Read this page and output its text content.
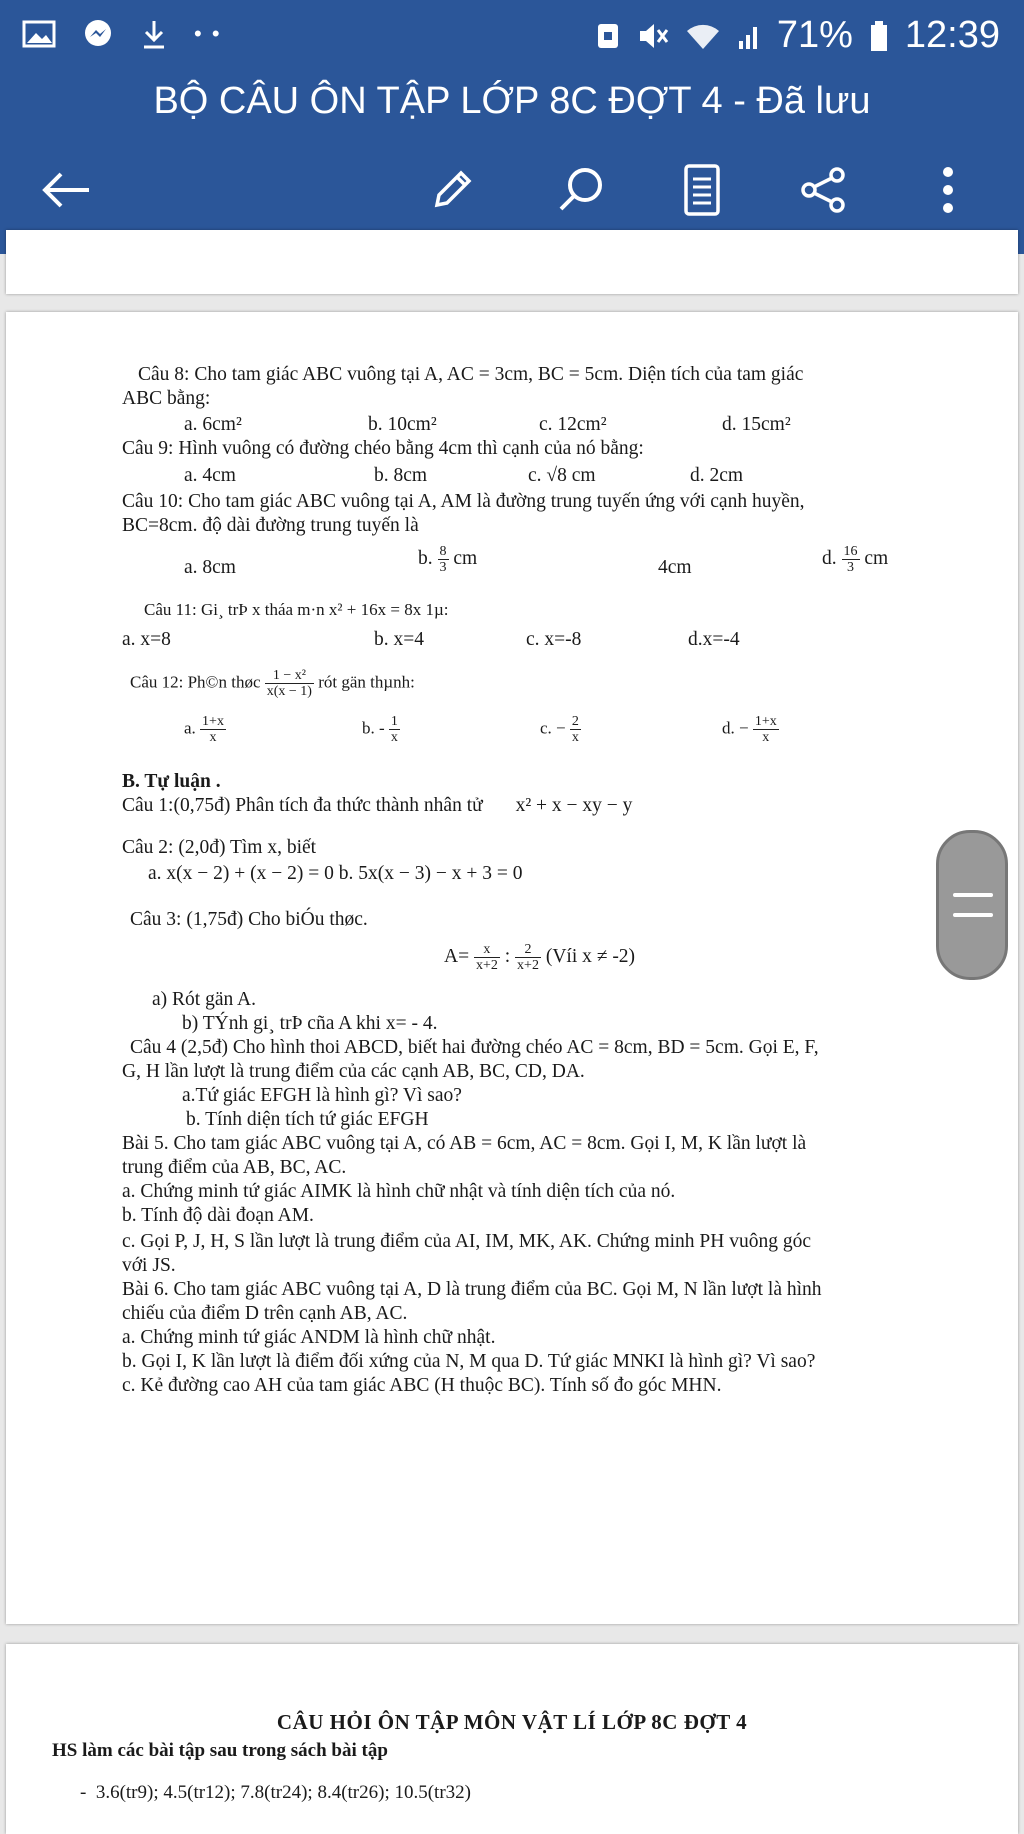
• •	71% 12:39
BỘ CÂU ÔN TẬP LỚP 8C ĐỢT 4 - Đã lưu
Câu 8: Cho tam giác ABC vuông tại A, AC = 3cm, BC = 5cm. Diện tích của tam giác
ABC bằng:
a. 6cm²	b. 10cm²	c. 12cm²	d. 15cm²
Câu 9: Hình vuông có đường chéo bằng 4cm thì cạnh của nó bằng:
a. 4cm	b. 8cm	c. √8 cm	d. 2cm
Câu 10: Cho tam giác ABC vuông tại A, AM là đường trung tuyến ứng với cạnh huyền,
BC=8cm. độ dài đường trung tuyến là
a. 8cm	b. $\frac{8}{3}$ cm	4cm	d. $\frac{16}{3}$ cm
Câu 11: Gi¸ trÞ x tháa m·n x² + 16x = 8x 1µ:
a. x=8	b. x=4	c. x=-8	d.x=-4
Câu 12: Ph©n thøc $\frac{\text{1 − x²}}{x(x - 1)}$ rót gän thµnh:
a. $\frac{1+x}{x}$	b. - $\frac{1}{x}$	c. − $\frac{2}{x}$	d. − $\frac{1+x}{x}$
B. Tự luận .
Câu 1:(0,75đ) Phân tích đa thức thành nhân tử x² + x − xy − y
Câu 2: (2,0đ) Tìm x, biết
a. x(x − 2) + (x − 2) = 0 b. 5x(x − 3) − x + 3 = 0
Câu 3: (1,75đ) Cho biÓu thøc.
$A= \frac{x}{x+2}$ : $\frac{2}{x+2}$ (Víi x ≠ -2)
a) Rót gän A.
b) TÝnh gi¸ trÞ cña A khi x= - 4.
Câu 4 (2,5đ) Cho hình thoi ABCD, biết hai đường chéo AC = 8cm, BD = 5cm. Gọi E, F,
G, H lần lượt là trung điểm của các cạnh AB, BC, CD, DA.
a.Tứ giác EFGH là hình gì? Vì sao?
b. Tính diện tích tứ giác EFGH
Bài 5. Cho tam giác ABC vuông tại A, có AB = 6cm, AC = 8cm. Gọi I, M, K lần lượt là
trung điểm của AB, BC, AC.
a. Chứng minh tứ giác AIMK là hình chữ nhật và tính diện tích của nó.
b. Tính độ dài đoạn AM.
c. Gọi P, J, H, S lần lượt là trung điểm của AI, IM, MK, AK. Chứng minh PH vuông góc
với JS.
Bài 6. Cho tam giác ABC vuông tại A, D là trung điểm của BC. Gọi M, N lần lượt là hình
chiếu của điểm D trên cạnh AB, AC.
a. Chứng minh tứ giác ANDM là hình chữ nhật.
b. Gọi I, K lần lượt là điểm đối xứng của N, M qua D. Tứ giác MNKI là hình gì? Vì sao?
c. Kẻ đường cao AH của tam giác ABC (H thuộc BC). Tính số đo góc MHN.
CÂU HỎI ÔN TẬP MÔN VẬT LÍ LỚP 8C ĐỢT 4
HS làm các bài tập sau trong sách bài tập
-  3.6(tr9); 4.5(tr12); 7.8(tr24); 8.4(tr26); 10.5(tr32)
